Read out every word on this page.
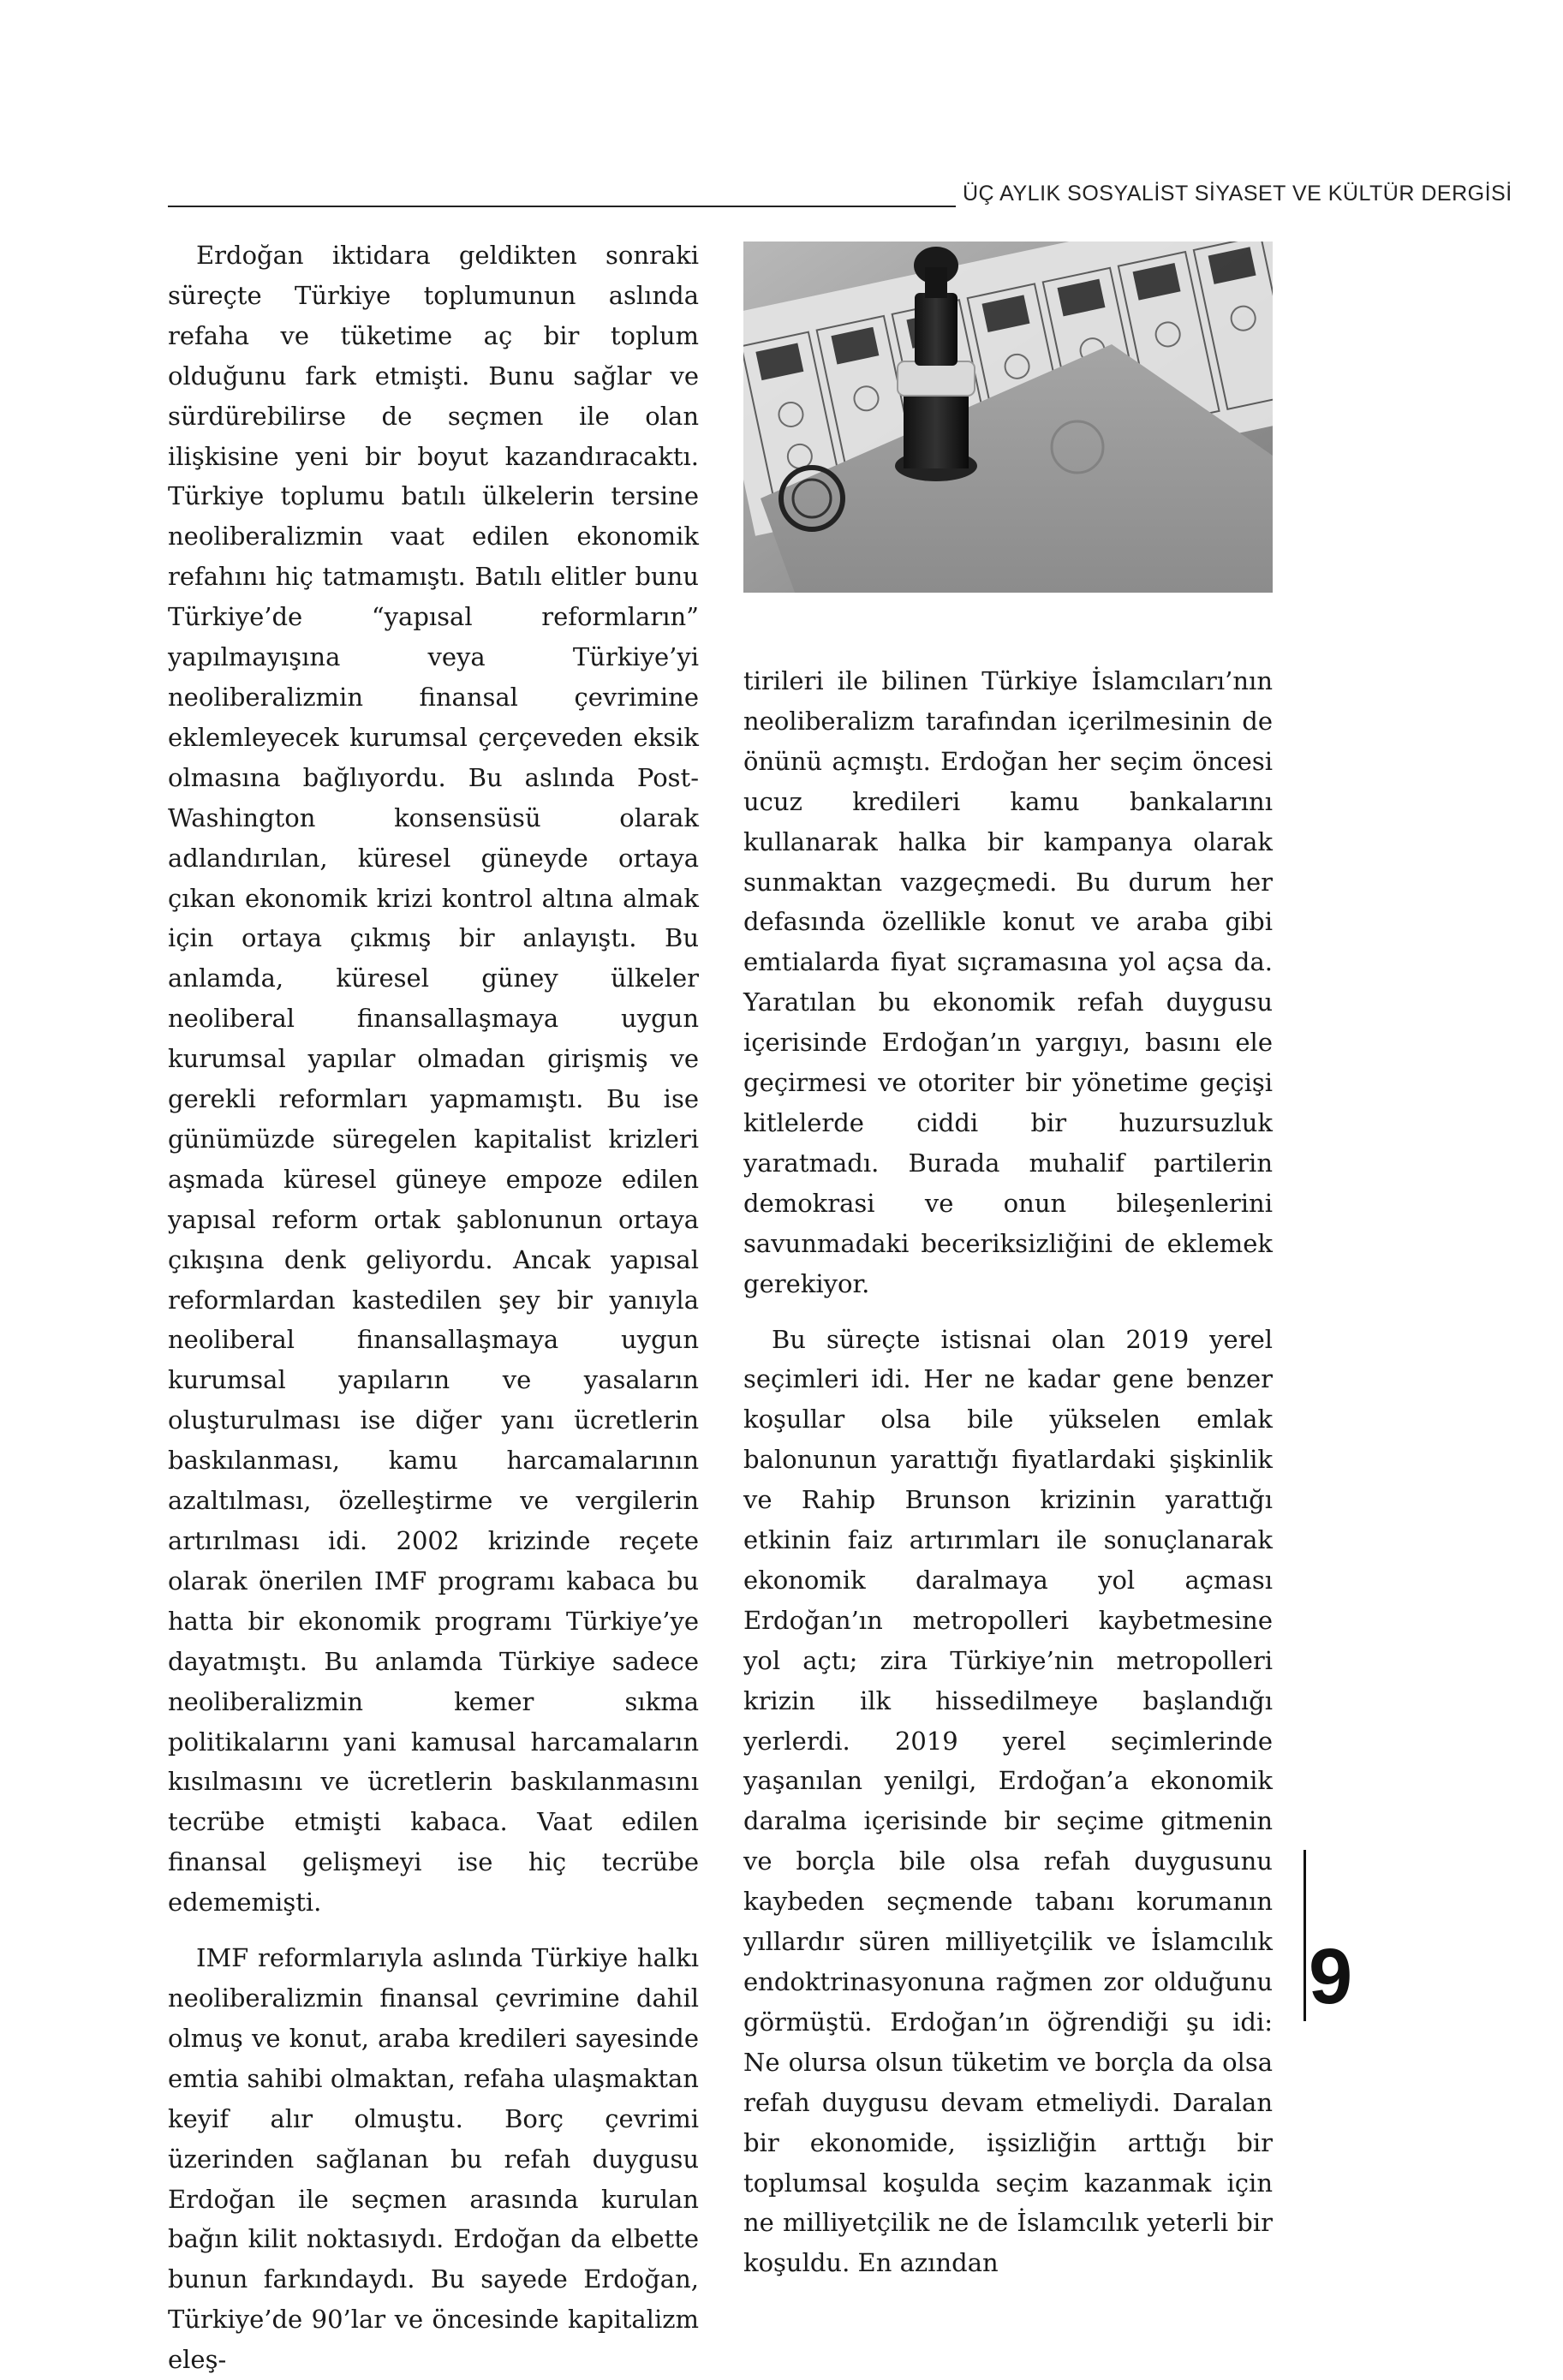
ÜÇ AYLIK SOSYALİST SİYASET VE KÜLTÜR DERGİSİ

Erdoğan iktidara geldikten sonraki süreçte Türkiye toplumunun aslında refaha ve tüketime aç bir toplum olduğunu fark etmişti. Bunu sağlar ve sürdürebilirse de seçmen ile olan ilişkisine yeni bir boyut kazandıracaktı. Türkiye toplumu batılı ülkelerin tersine neoliberalizmin vaat edilen ekonomik refahını hiç tatmamıştı. Batılı elitler bunu Türkiye’de “yapısal reformların” yapılmayışına veya Türkiye’yi neoliberalizmin finansal çevrimine eklemleyecek kurumsal çerçeveden eksik olmasına bağlıyordu. Bu aslında Post-Washington konsensüsü olarak adlandırılan, küresel güneyde ortaya çıkan ekonomik krizi kontrol altına almak için ortaya çıkmış bir anlayıştı. Bu anlamda, küresel güney ülkeler neoliberal finansallaşmaya uygun kurumsal yapılar olmadan girişmiş ve gerekli reformları yapmamıştı. Bu ise günümüzde süregelen kapitalist krizleri aşmada küresel güneye empoze edilen yapısal reform ortak şablonunun ortaya çıkışına denk geliyordu. Ancak yapısal reformlardan kastedilen şey bir yanıyla neoliberal finansallaşmaya uygun kurumsal yapıların ve yasaların oluşturulması ise diğer yanı ücretlerin baskılanması, kamu harcamalarının azaltılması, özelleştirme ve vergilerin artırılması idi. 2002 krizinde reçete olarak önerilen IMF programı kabaca bu hatta bir ekonomik programı Türkiye’ye dayatmıştı. Bu anlamda Türkiye sadece neoliberalizmin kemer sıkma politikalarını yani kamusal harcamaların kısılmasını ve ücretlerin baskılanmasını tecrübe etmişti kabaca. Vaat edilen finansal gelişmeyi ise hiç tecrübe edememişti.

IMF reformlarıyla aslında Türkiye halkı neoliberalizmin finansal çevrimine dahil olmuş ve konut, araba kredileri sayesinde emtia sahibi olmaktan, refaha ulaşmaktan keyif alır olmuştu. Borç çevrimi üzerinden sağlanan bu refah duygusu Erdoğan ile seçmen arasında kurulan bağın kilit noktasıydı. Erdoğan da elbette bunun farkındaydı. Bu sayede Erdoğan, Türkiye’de 90’lar ve öncesinde kapitalizm eleş-

tirileri ile bilinen Türkiye İslamcıları’nın neoliberalizm tarafından içerilmesinin de önünü açmıştı. Erdoğan her seçim öncesi ucuz kredileri kamu bankalarını kullanarak halka bir kampanya olarak sunmaktan vazgeçmedi. Bu durum her defasında özellikle konut ve araba gibi emtialarda fiyat sıçramasına yol açsa da. Yaratılan bu ekonomik refah duygusu içerisinde Erdoğan’ın yargıyı, basını ele geçirmesi ve otoriter bir yönetime geçişi kitlelerde ciddi bir huzursuzluk yaratmadı. Burada muhalif partilerin demokrasi ve onun bileşenlerini savunmadaki beceriksizliğini de eklemek gerekiyor.

Bu süreçte istisnai olan 2019 yerel seçimleri idi. Her ne kadar gene benzer koşullar olsa bile yükselen emlak balonunun yarattığı fiyatlardaki şişkinlik ve Rahip Brunson krizinin yarattığı etkinin faiz artırımları ile sonuçlanarak ekonomik daralmaya yol açması Erdoğan’ın metropolleri kaybetmesine yol açtı; zira Türkiye’nin metropolleri krizin ilk hissedilmeye başlandığı yerlerdi. 2019 yerel seçimlerinde yaşanılan yenilgi, Erdoğan’a ekonomik daralma içerisinde bir seçime gitmenin ve borçla bile olsa refah duygusunu kaybeden seçmende tabanı korumanın yıllardır süren milliyetçilik ve İslamcılık endoktrinasyonuna rağmen zor olduğunu görmüştü. Erdoğan’ın öğrendiği şu idi: Ne olursa olsun tüketim ve borçla da olsa refah duygusu devam etmeliydi. Daralan bir ekonomide, işsizliğin arttığı bir toplumsal koşulda seçim kazanmak için ne milliyetçilik ne de İslamcılık yeterli bir koşuldu. En azından

9
